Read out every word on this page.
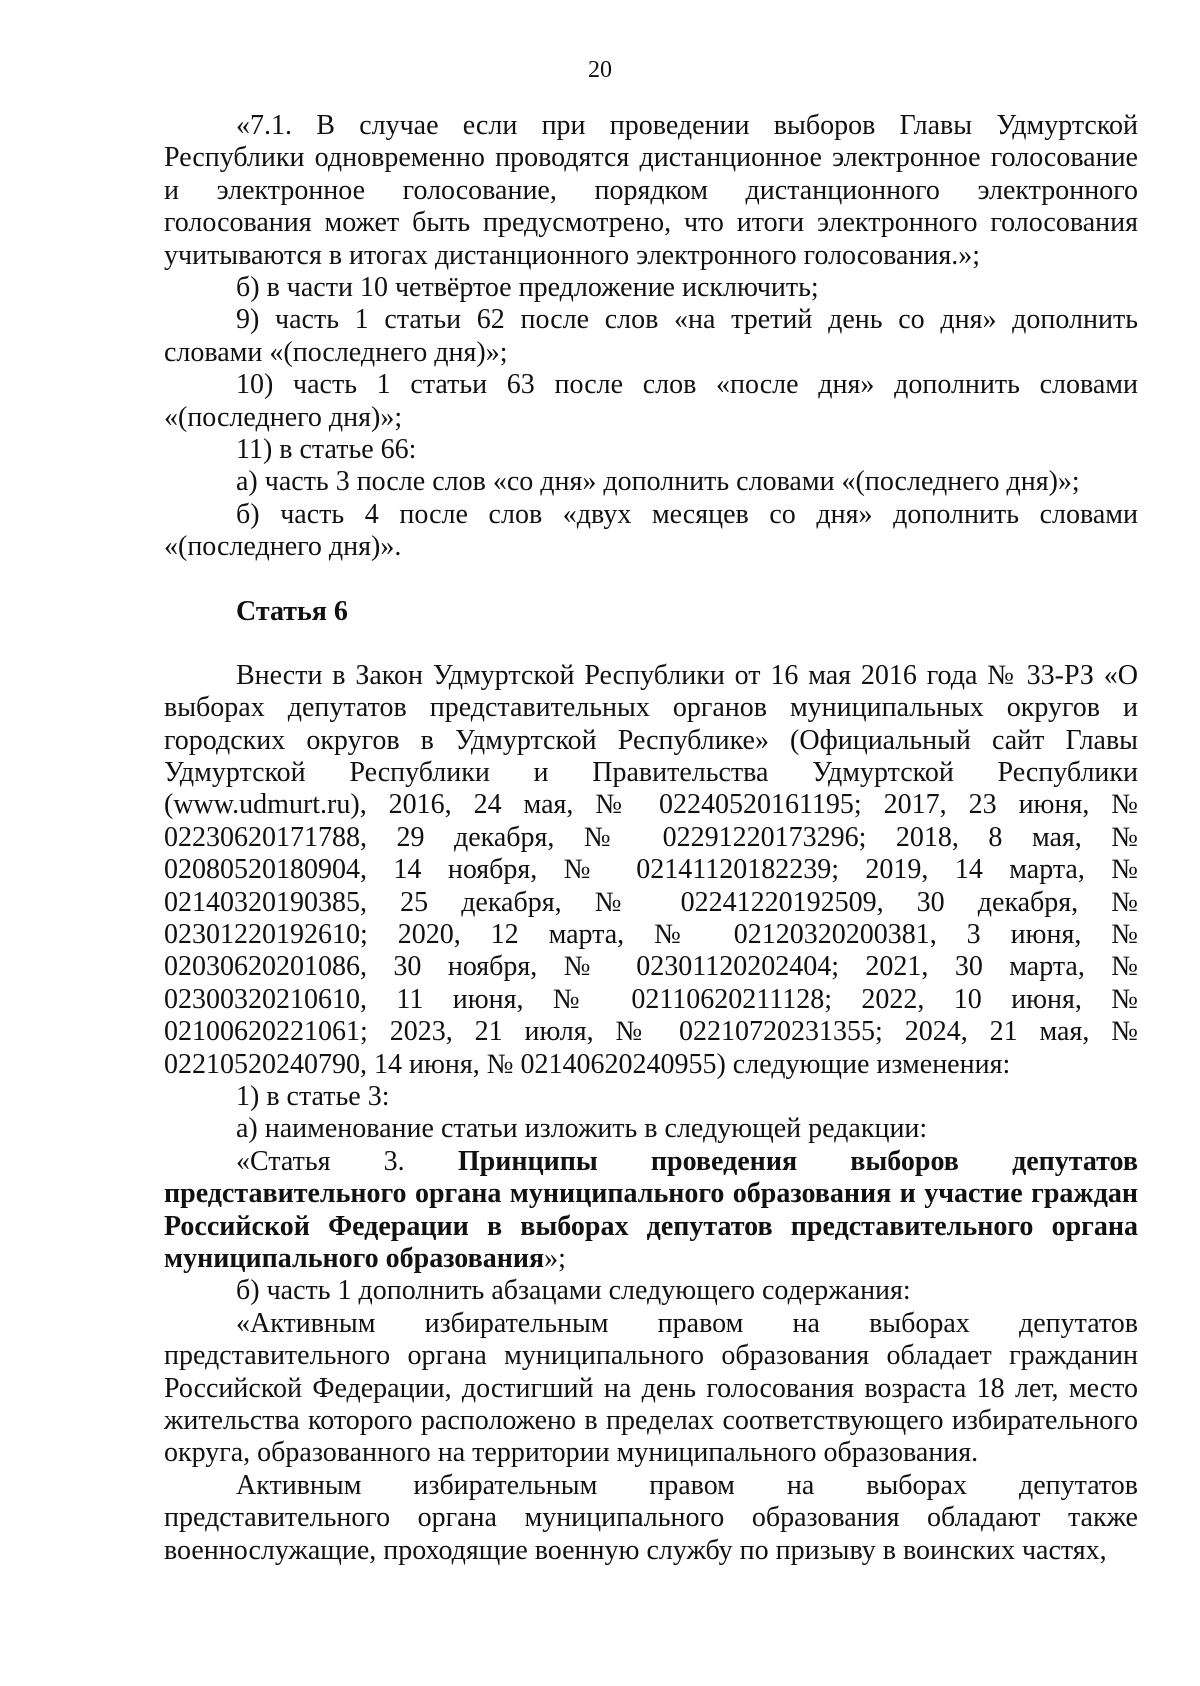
20

«7.1. В случае если при проведении выборов Главы Удмуртской Республики одновременно проводятся дистанционное электронное голосование и электронное голосование, порядком дистанционного электронного голосования может быть предусмотрено, что итоги электронного голосования учитываются в итогах дистанционного электронного голосования.»;

б) в части 10 четвёртое предложение исключить;

9) часть 1 статьи 62 после слов «на третий день со дня» дополнить словами «(последнего дня)»;

10) часть 1 статьи 63 после слов «после дня» дополнить словами «(последнего дня)»;

11) в статье 66:

а) часть 3 после слов «со дня» дополнить словами «(последнего дня)»;

б) часть 4 после слов «двух месяцев со дня» дополнить словами «(последнего дня)».

Статья 6

Внести в Закон Удмуртской Республики от 16 мая 2016 года № 33-РЗ «О выборах депутатов представительных органов муниципальных округов и городских округов в Удмуртской Республике» (Официальный сайт Главы Удмуртской Республики и Правительства Удмуртской Республики (www.udmurt.ru), 2016, 24 мая, № 02240520161195; 2017, 23 июня, № 02230620171788, 29 декабря, № 02291220173296; 2018, 8 мая, № 02080520180904, 14 ноября, № 02141120182239; 2019, 14 марта, № 02140320190385, 25 декабря, № 02241220192509, 30 декабря, № 02301220192610; 2020, 12 марта, № 02120320200381, 3 июня, № 02030620201086, 30 ноября, № 02301120202404; 2021, 30 марта, № 02300320210610, 11 июня, № 02110620211128; 2022, 10 июня, № 02100620221061; 2023, 21 июля, № 02210720231355; 2024, 21 мая, № 02210520240790, 14 июня, № 02140620240955) следующие изменения:

1) в статье 3:

а) наименование статьи изложить в следующей редакции:

«Статья 3. Принципы проведения выборов депутатов представительного органа муниципального образования и участие граждан Российской Федерации в выборах депутатов представительного органа муниципального образования»;

б) часть 1 дополнить абзацами следующего содержания:

«Активным избирательным правом на выборах депутатов представительного органа муниципального образования обладает гражданин Российской Федерации, достигший на день голосования возраста 18 лет, место жительства которого расположено в пределах соответствующего избирательного округа, образованного на территории муниципального образования.

Активным избирательным правом на выборах депутатов представительного органа муниципального образования обладают также военнослужащие, проходящие военную службу по призыву в воинских частях,
